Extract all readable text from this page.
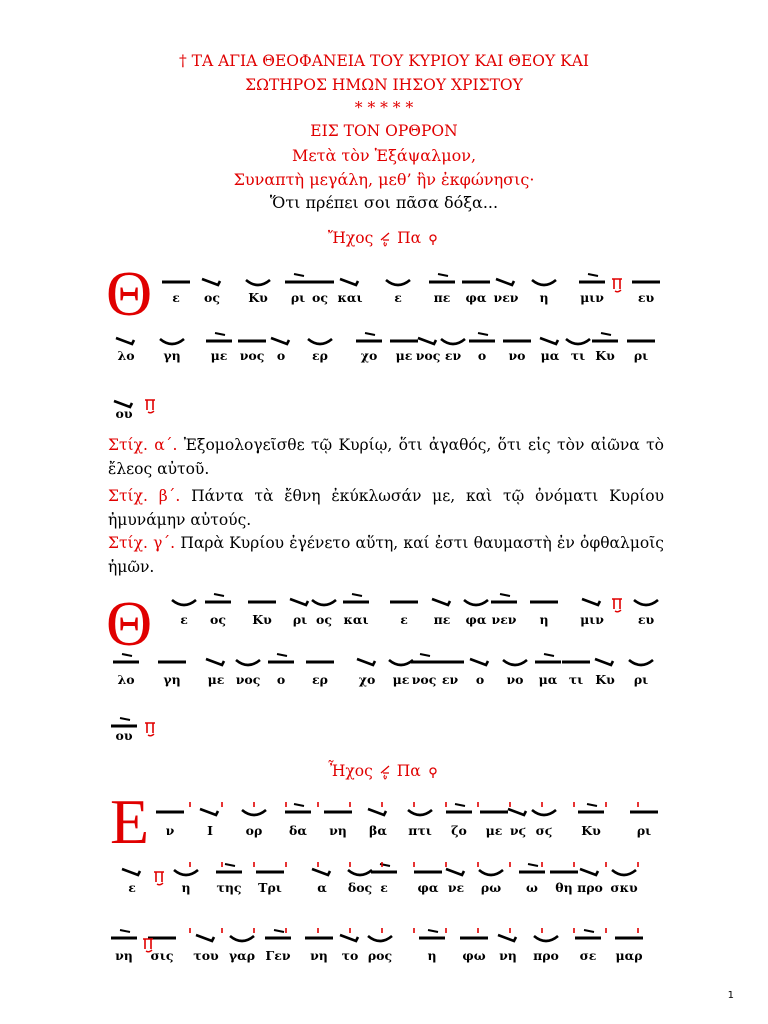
† ΤΑ ΑΓΙΑ ΘΕΟΦΑΝΕΙΑ ΤΟΥ ΚΥΡΙΟΥ ΚΑΙ ΘΕΟΥ ΚΑΙ
ΣΩΤΗΡΟΣ ΗΜΩΝ ΙΗΣΟΥ ΧΡΙΣΤΟΥ
* * * * *
ΕΙΣ ΤΟΝ ΟΡΘΡΟΝ
Μετὰ τὸν Ἑξάψαλμον,
Συναπτὴ μεγάλη, μεθ’ ἣν ἐκφώνησις·
Ὅτι πρέπει σοι πᾶσα δόξα...
Ἤχος Πα
Στίχ. α΄. Ἐξομολογεῖσθε τῷ Κυρίῳ, ὅτι ἀγαθός, ὅτι εἰς τὸν αἰῶνα τὸ ἔλεος αὐτοῦ.
Στίχ. β΄. Πάντα τὰ ἔθνη ἐκύκλωσάν με, καὶ τῷ ὀνόματι Κυρίου ἠμυνάμην αὐτούς.
Στίχ. γ΄. Παρὰ Κυρίου ἐγένετο αὕτη, καί ἐστι θαυμαστὴ ἐν ὀφθαλμοῖς ἡμῶν.
Ἦχος Πα
Θ
Θ
Ε
ε ος Κυ ρι ος και	ε	πε φα νεν η	μιν	ευ
λο γη με νος ο ερ	χο με νος εν ο νο μα τι Κυ ρι
ου
ε ος Κυ ρι ος και	ε πε φα νεν η	μιν	ευ
λο γη με νος ο ερ χο με νος εν ο νο μα τι Κυ ρι
ου
ν	Ι	ορ δα νη βα πτι ζο με νϛ σϛ Κυ	ρι
ε	η της Τρι	α δος ε φα νε ρω ω θη προ σκυ
νη σις του γαρ Γεν νη το ρος	η φω νη προ σε μαρ
1
